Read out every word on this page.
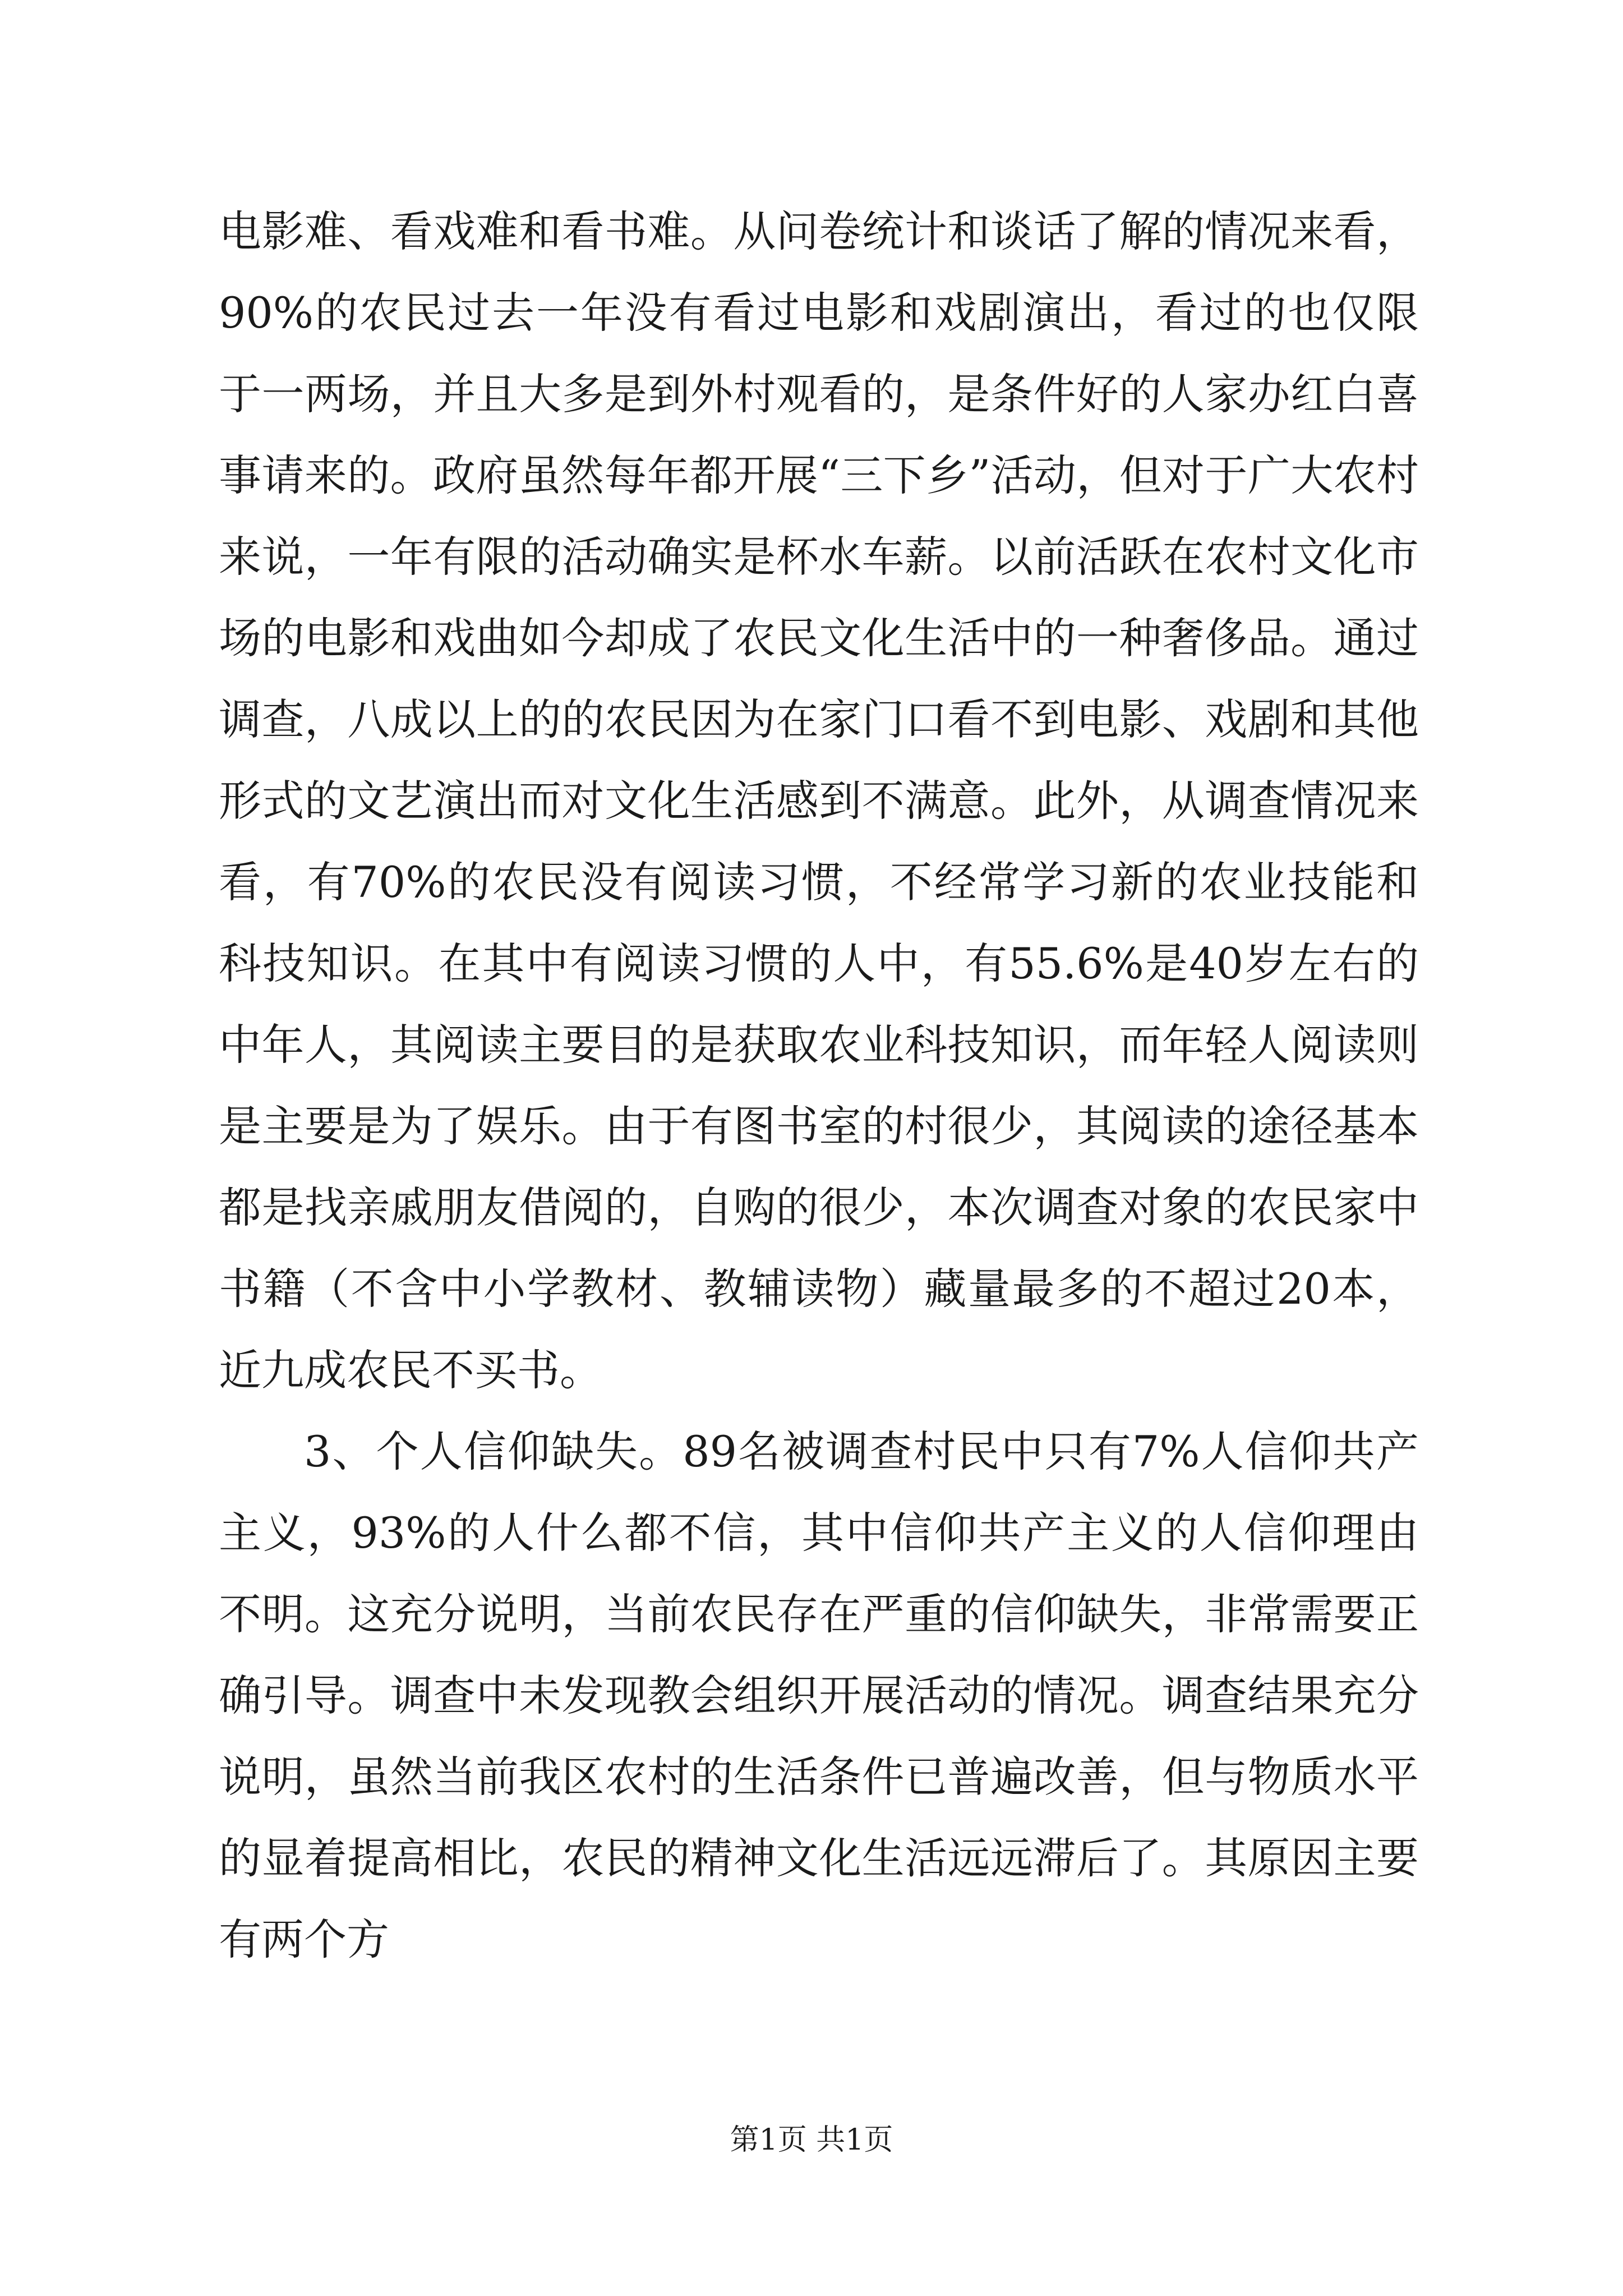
电影难、看戏难和看书难。从问卷统计和谈话了解的情况来看，90%的农民过去一年没有看过电影和戏剧演出，看过的也仅限于一两场，并且大多是到外村观看的，是条件好的人家办红白喜事请来的。政府虽然每年都开展“三下乡”活动，但对于广大农村来说，一年有限的活动确实是杯水车薪。以前活跃在农村文化市场的电影和戏曲如今却成了农民文化生活中的一种奢侈品。通过调查，八成以上的的农民因为在家门口看不到电影、戏剧和其他形式的文艺演出而对文化生活感到不满意。此外，从调查情况来看，有70%的农民没有阅读习惯，不经常学习新的农业技能和科技知识。在其中有阅读习惯的人中，有55.6%是40岁左右的中年人，其阅读主要目的是获取农业科技知识，而年轻人阅读则是主要是为了娱乐。由于有图书室的村很少，其阅读的途径基本都是找亲戚朋友借阅的，自购的很少，本次调查对象的农民家中书籍（不含中小学教材、教辅读物）藏量最多的不超过20本，近九成农民不买书。

3、个人信仰缺失。89名被调查村民中只有7%人信仰共产主义，93%的人什么都不信，其中信仰共产主义的人信仰理由不明。这充分说明，当前农民存在严重的信仰缺失，非常需要正确引导。调查中未发现教会组织开展活动的情况。调查结果充分说明，虽然当前我区农村的生活条件已普遍改善，但与物质水平的显着提高相比，农民的精神文化生活远远滞后了。其原因主要有两个方

第1页 共1页
